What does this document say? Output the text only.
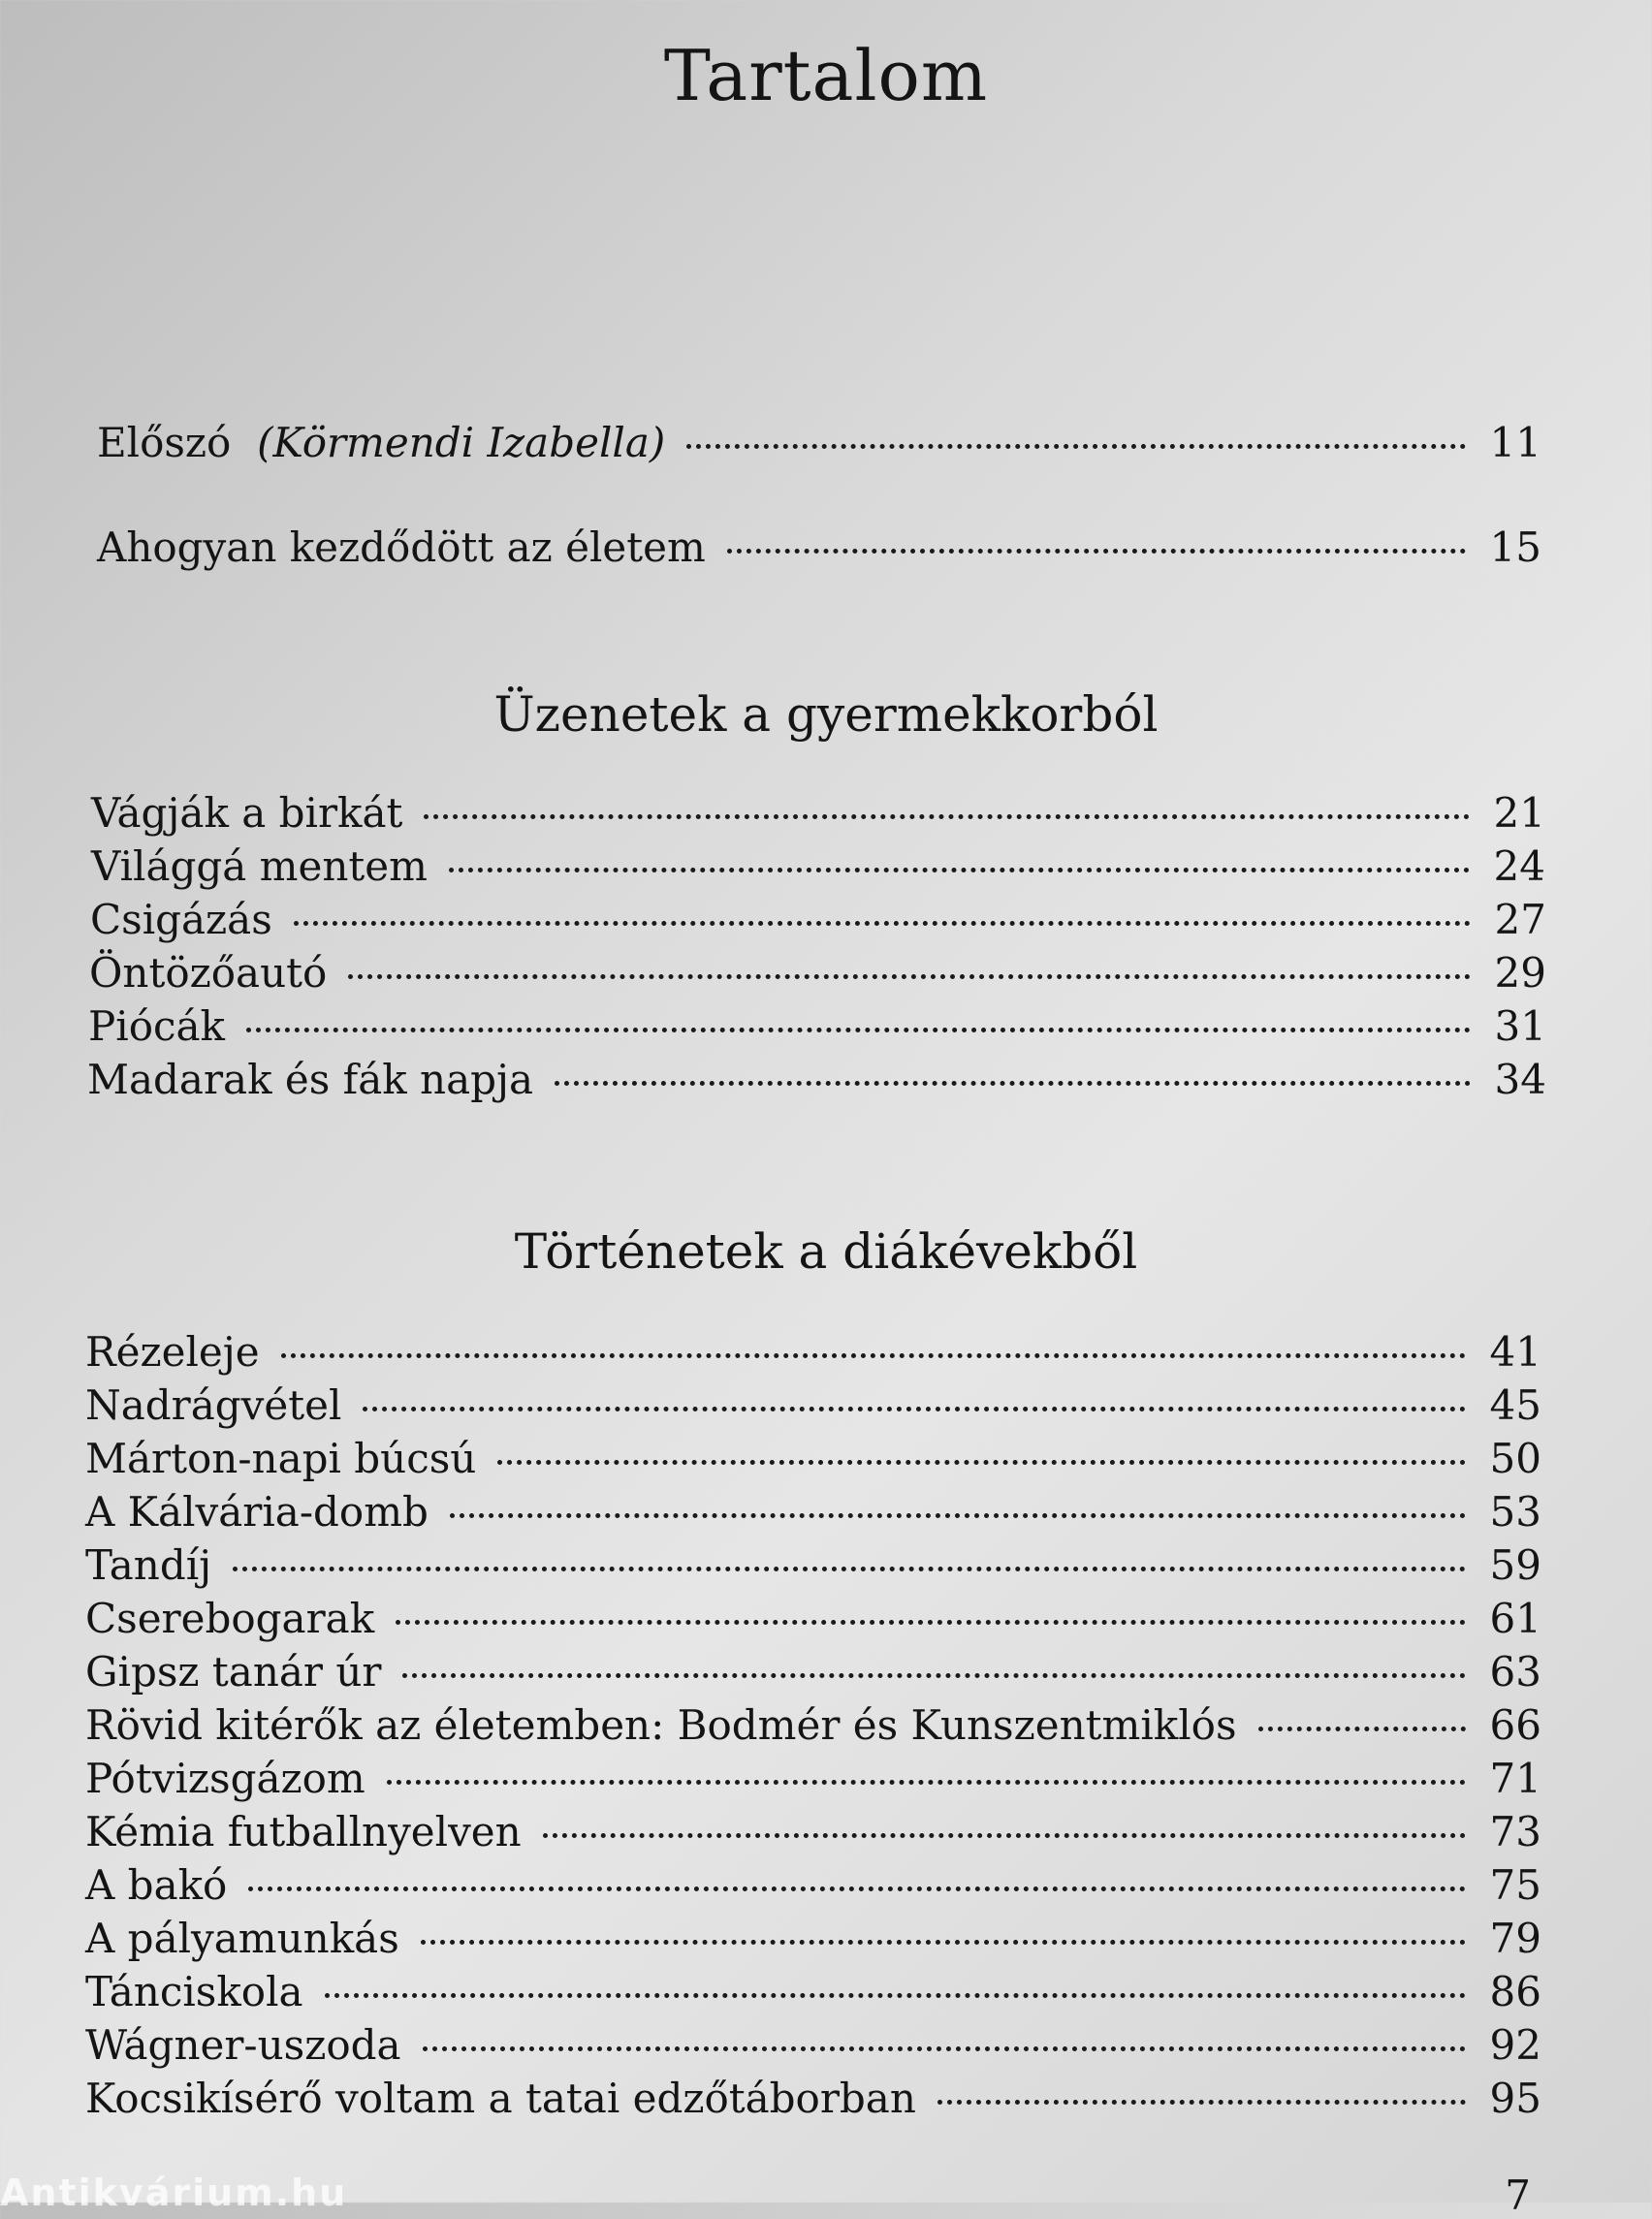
Tartalom
Előszó (Körmendi Izabella)	11
Ahogyan kezdődött az életem	15
Üzenetek a gyermekkorból
Vágják a birkát	21
Világgá mentem	24
Csigázás	27
Öntözőautó	29
Piócák	31
Madarak és fák napja	34
Történetek a diákévekből
Rézeleje	41
Nadrágvétel	45
Márton-napi búcsú	50
A Kálvária-domb	53
Tandíj	59
Cserebogarak	61
Gipsz tanár úr	63
Rövid kitérők az életemben: Bodmér és Kunszentmiklós	66
Pótvizsgázom	71
Kémia futballnyelven	73
A bakó	75
A pályamunkás	79
Tánciskola	86
Wágner-uszoda	92
Kocsikísérő voltam a tatai edzőtáborban	95
Antikvárium.hu	7
